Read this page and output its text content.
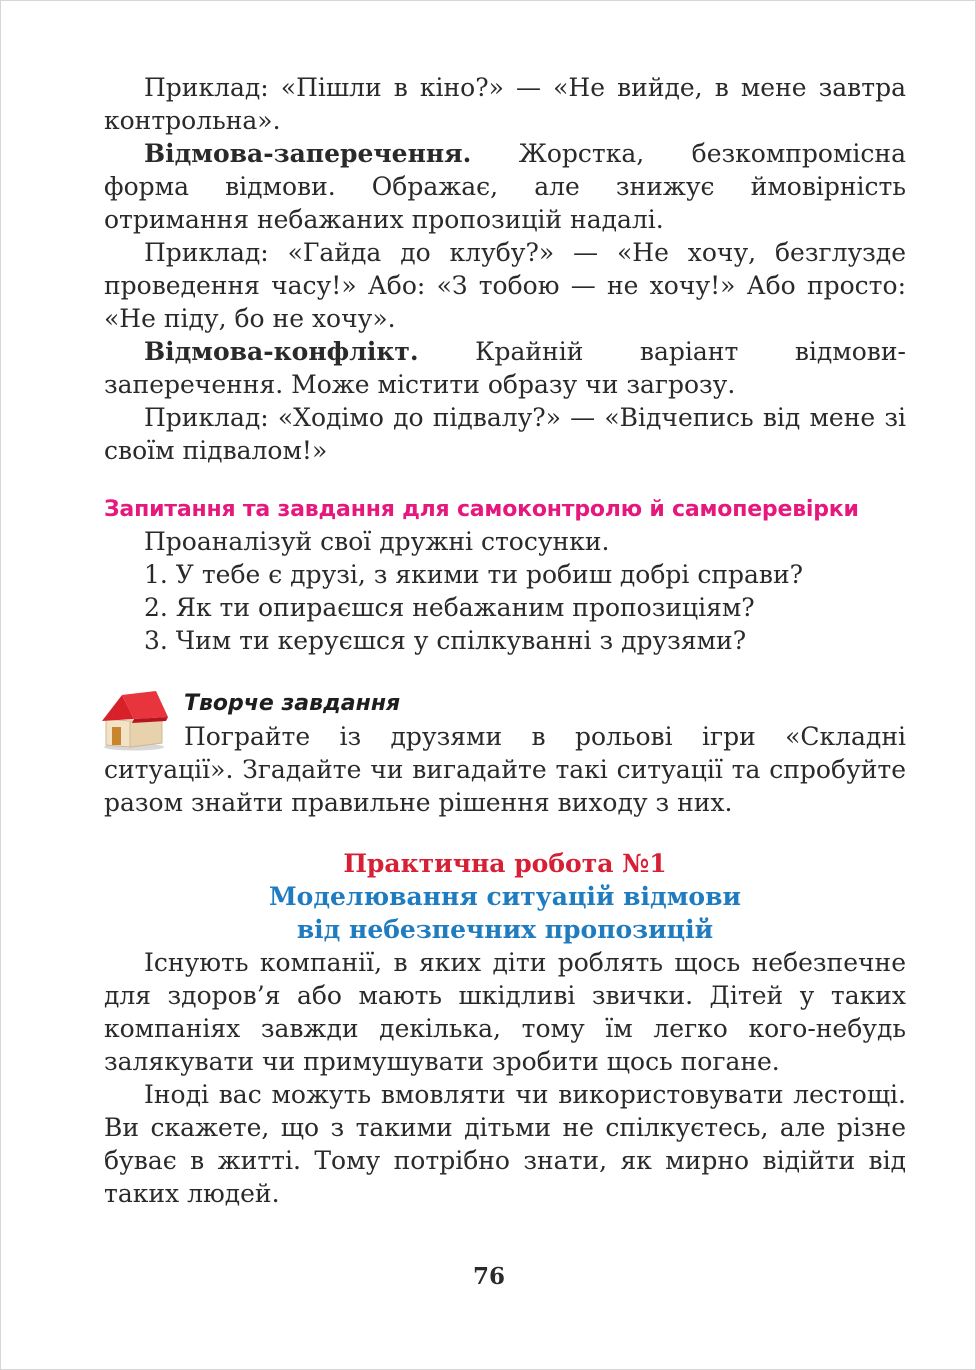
Приклад: «Пішли в кіно?» — «Не вийде, в мене завтра контрольна».

Відмова-заперечення. Жорстка, безкомпромісна форма відмови. Ображає, але знижує ймовірність отримання небажаних пропозицій надалі.

Приклад: «Гайда до клубу?» — «Не хочу, безглузде проведення часу!» Або: «З тобою — не хочу!» Або просто: «Не піду, бо не хочу».

Відмова-конфлікт. Крайній варіант відмови-заперечення. Може містити образу чи загрозу.

Приклад: «Ходімо до підвалу?» — «Відчепись від мене зі своїм підвалом!»

Запитання та завдання для самоконтролю й самоперевірки

Проаналізуй свої дружні стосунки.

1. У тебе є друзі, з якими ти робиш добрі справи?
2. Як ти опираєшся небажаним пропозиціям?
3. Чим ти керуєшся у спілкуванні з друзями?
Творче завдання

Пограйте із друзями в рольові ігри «Складні ситуації». Згадайте чи вигадайте такі ситуації та спробуйте разом знайти правильне рішення виходу з них.

Практична робота №1
Моделювання ситуацій відмови
від небезпечних пропозицій

Існують компанії, в яких діти роблять щось небезпечне для здоров’я або мають шкідливі звички. Дітей у таких компаніях завжди декілька, тому їм легко кого-небудь залякувати чи примушувати зробити щось погане.

Іноді вас можуть вмовляти чи використовувати лестощі. Ви скажете, що з такими дітьми не спілкуєтесь, але різне буває в житті. Тому потрібно знати, як мирно відійти від таких людей.

76
